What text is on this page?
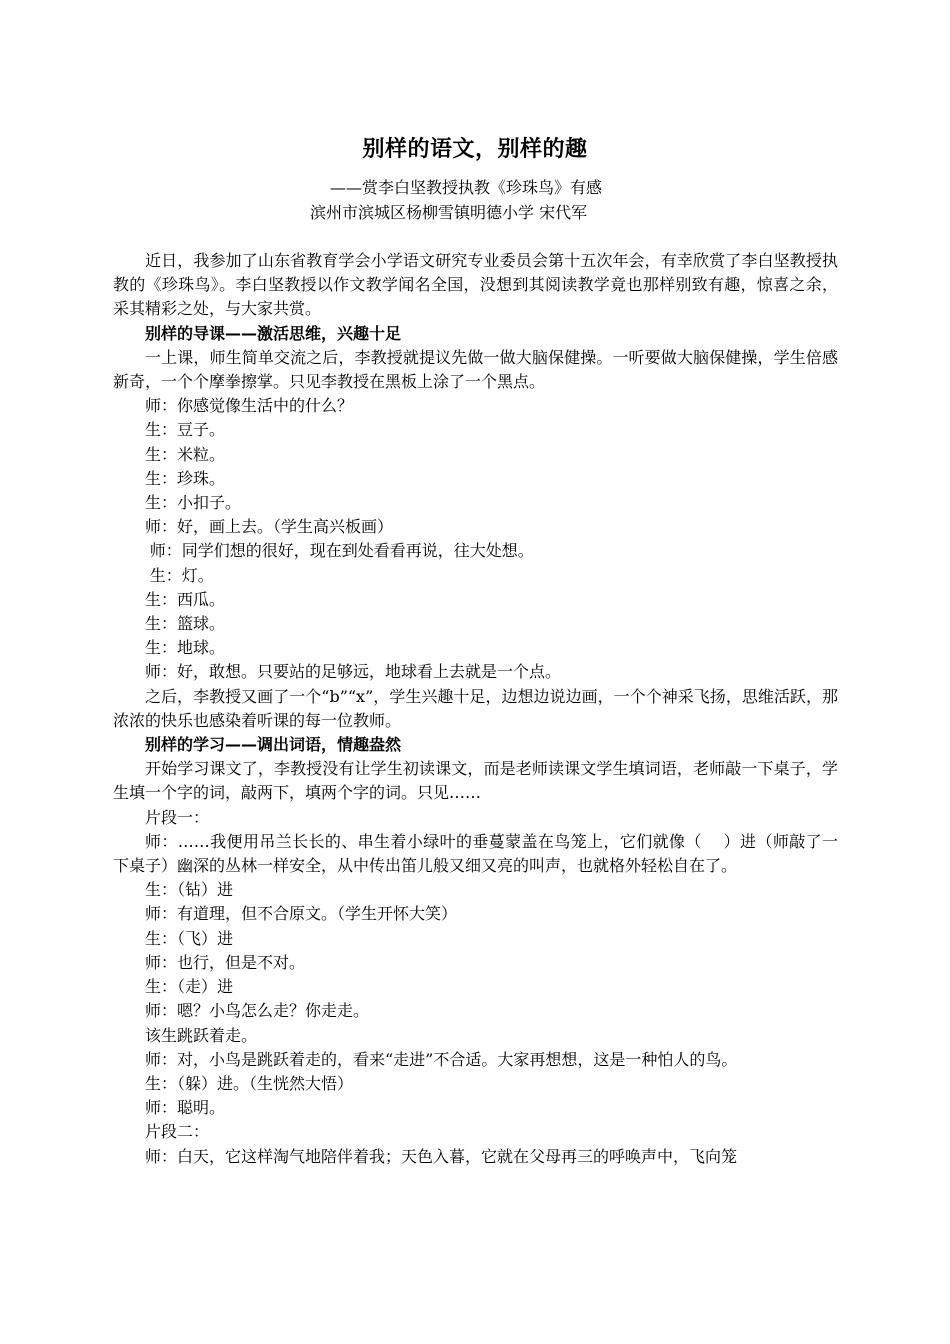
别样的语文，别样的趣
——赏李白坚教授执教《珍珠鸟》有感
滨州市滨城区杨柳雪镇明德小学 宋代军

近日，我参加了山东省教育学会小学语文研究专业委员会第十五次年会，有幸欣赏了李白坚教授执教的《珍珠鸟》。李白坚教授以作文教学闻名全国，没想到其阅读教学竟也那样别致有趣，惊喜之余，采其精彩之处，与大家共赏。

别样的导课——激活思维，兴趣十足

一上课，师生简单交流之后，李教授就提议先做一做大脑保健操。一听要做大脑保健操，学生倍感新奇，一个个摩拳擦掌。只见李教授在黑板上涂了一个黑点。

师：你感觉像生活中的什么？

生：豆子。

生：米粒。

生：珍珠。

生：小扣子。

师：好，画上去。（学生高兴板画）

师：同学们想的很好，现在到处看看再说，往大处想。

生：灯。

生：西瓜。

生：篮球。

生：地球。

师：好，敢想。只要站的足够远，地球看上去就是一个点。

之后，李教授又画了一个“b”“x”，学生兴趣十足，边想边说边画，一个个神采飞扬，思维活跃，那浓浓的快乐也感染着听课的每一位教师。

别样的学习——调出词语，情趣盎然

开始学习课文了，李教授没有让学生初读课文，而是老师读课文学生填词语，老师敲一下桌子，学生填一个字的词，敲两下，填两个字的词。只见……

片段一：

师：……我便用吊兰长长的、串生着小绿叶的垂蔓蒙盖在鸟笼上，它们就像（　 ）进（师敲了一下桌子）幽深的丛林一样安全，从中传出笛儿般又细又亮的叫声，也就格外轻松自在了。

生：（钻）进

师：有道理，但不合原文。（学生开怀大笑）

生：（飞）进

师：也行，但是不对。

生：（走）进

师：嗯？小鸟怎么走？你走走。

该生跳跃着走。

师：对，小鸟是跳跃着走的，看来“走进”不合适。大家再想想，这是一种怕人的鸟。

生：（躲）进。（生恍然大悟）

师：聪明。

片段二：

师：白天，它这样淘气地陪伴着我；天色入暮，它就在父母再三的呼唤声中，飞向笼
